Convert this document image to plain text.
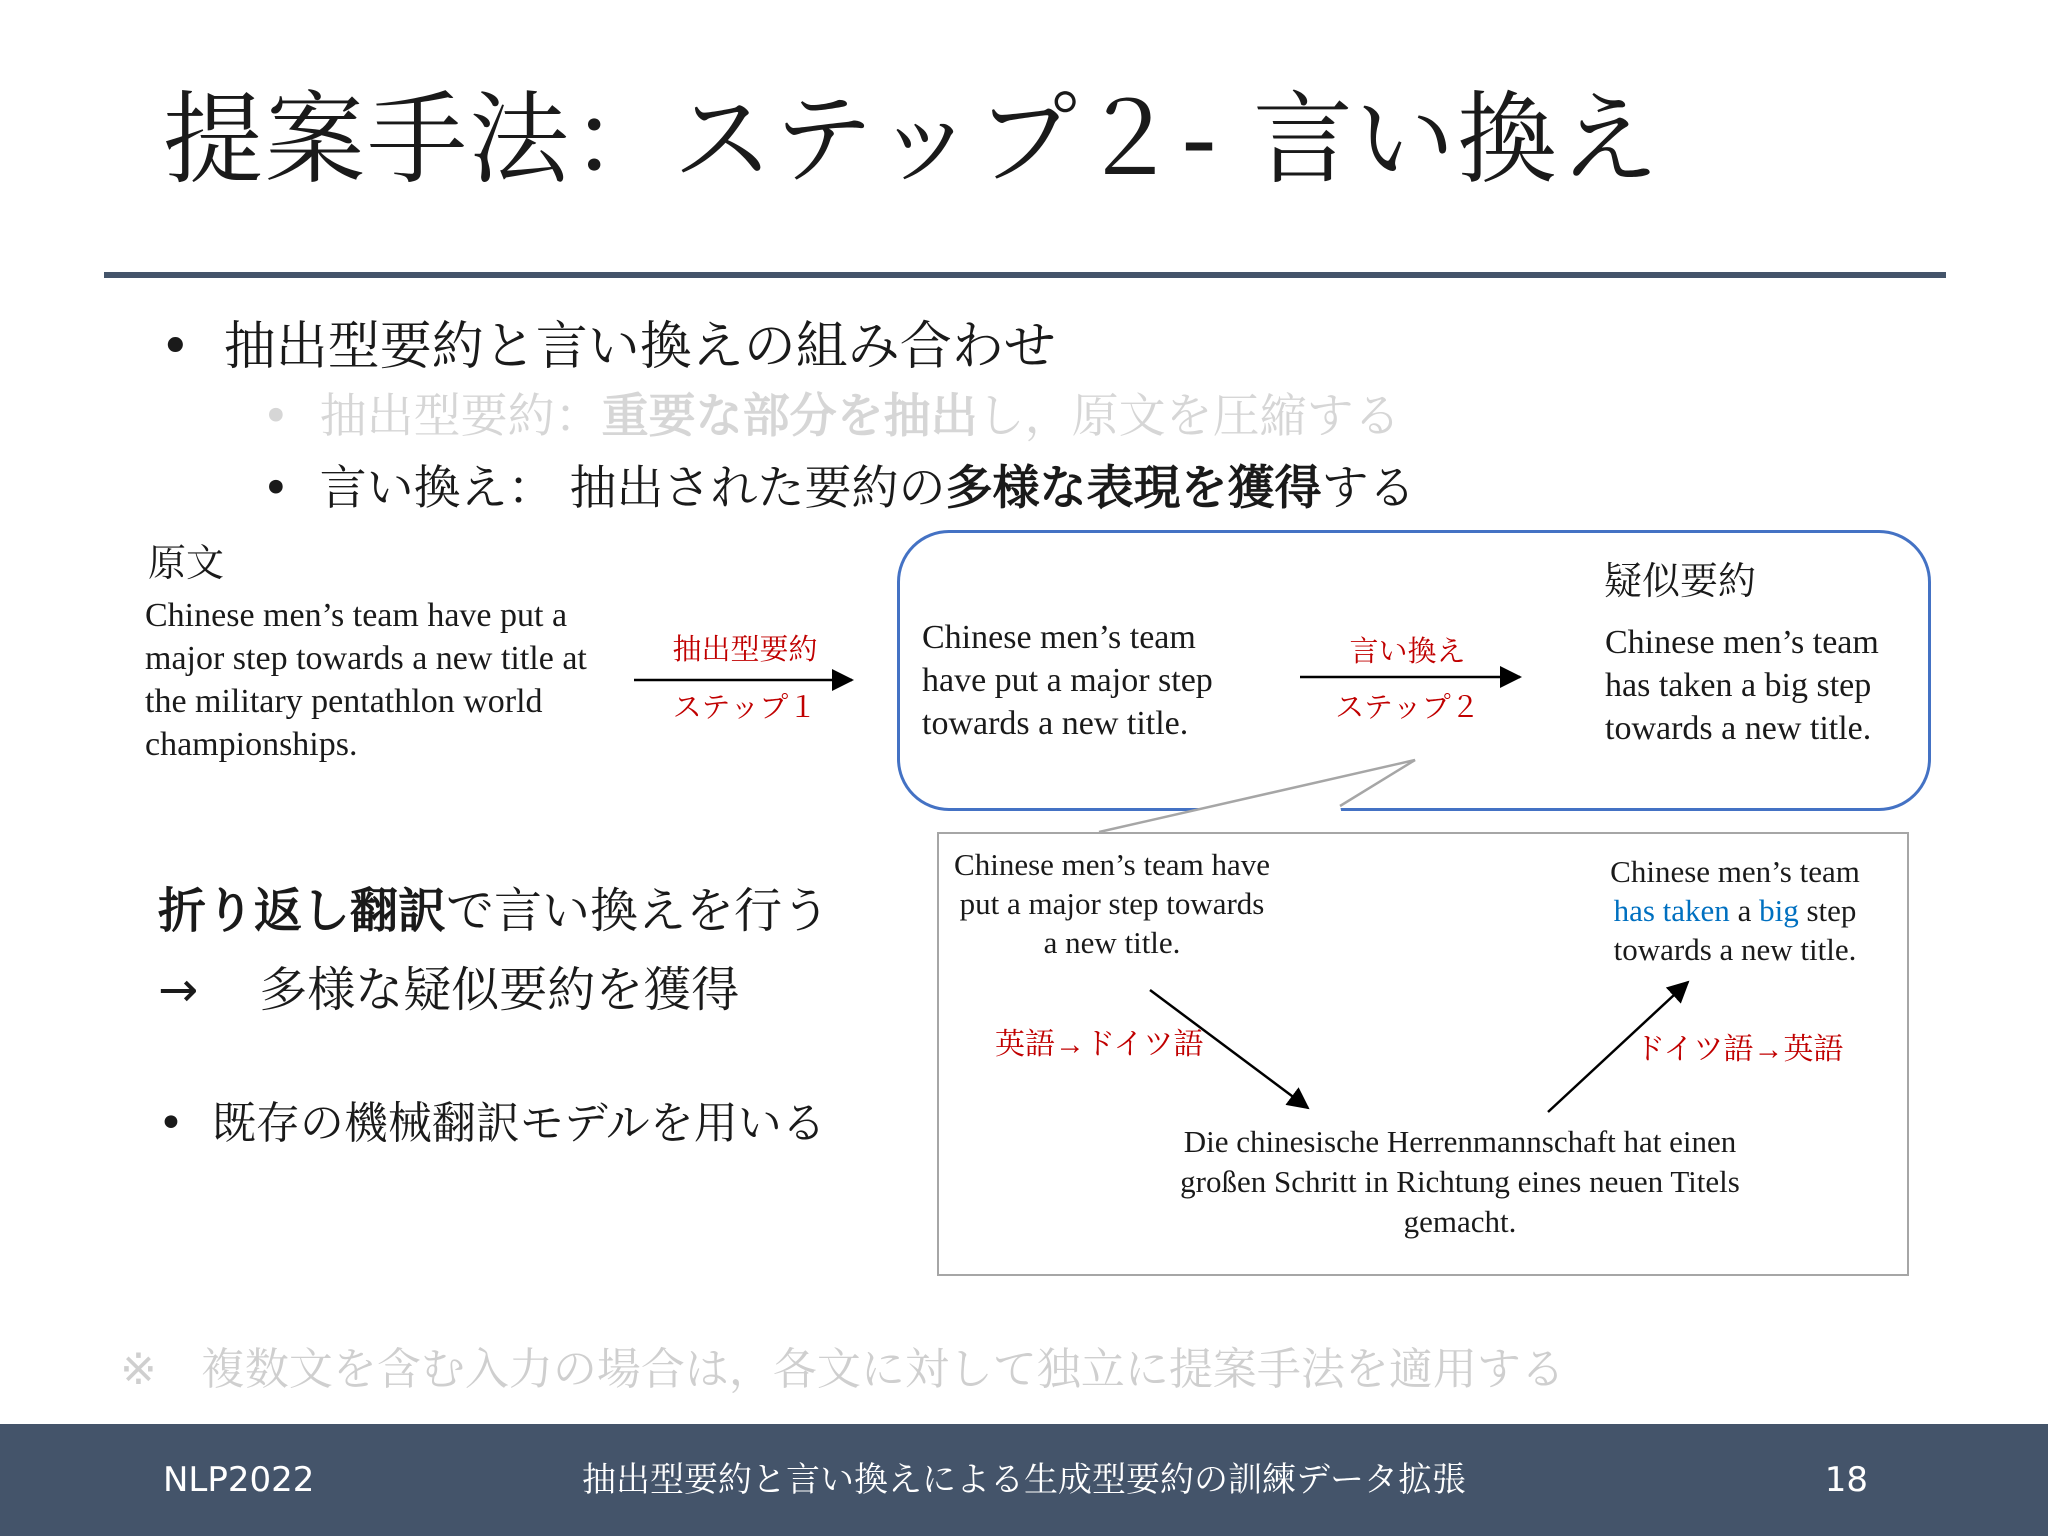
提案手法：ステップ２- 言い換え
•  抽出型要約と言い換えの組み合わせ
•  抽出型要約：重要な部分を抽出し，原文を圧縮する
•  言い換え： 抽出された要約の多様な表現を獲得する
原文
Chinese men’s team have put a major step towards a new title at the military pentathlon world championships.
抽出型要約
ステップ１
Chinese men’s team have put a major step towards a new title.
言い換え
ステップ２
疑似要約
Chinese men’s team has taken a big step towards a new title.
Chinese men’s team have put a major step towards a new title.
Chinese men’s team
has taken a big step towards a new title.
英語→ドイツ語	ドイツ語→英語
Die chinesische Herrenmannschaft hat einen großen Schritt in Richtung eines neuen Titels gemacht.
折り返し翻訳で言い換えを行う
→ 多様な疑似要約を獲得
•  既存の機械翻訳モデルを用いる
※　複数文を含む入力の場合は，各文に対して独立に提案手法を適用する
NLP2022	抽出型要約と言い換えによる生成型要約の訓練データ拡張	18
